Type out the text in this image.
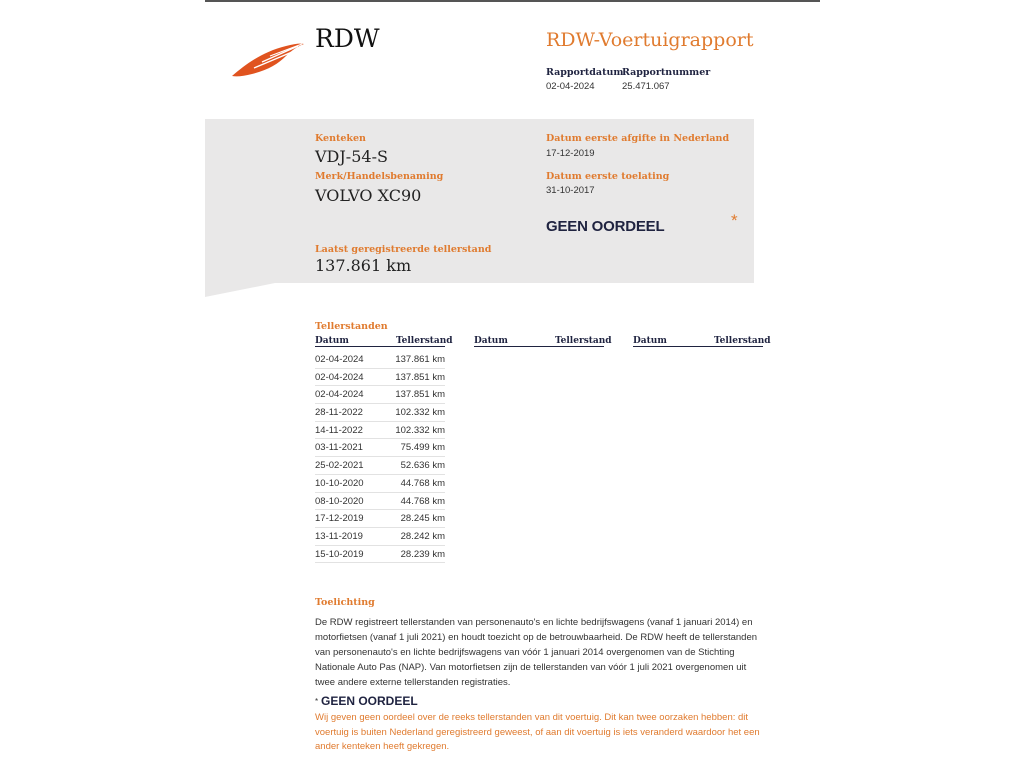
RDW	RDW-Voertuigrapport
Rapportdatum
02-04-2024
Rapportnummer
25.471.067
Kenteken
VDJ-54-S
Merk/Handelsbenaming
VOLVO XC90
Laatst geregistreerde tellerstand
137.861 km
Datum eerste afgifte in Nederland
17-12-2019
Datum eerste toelating
31-10-2017
GEEN OORDEEL	*
Tellerstanden
Datum	Tellerstand Datum	Tellerstand Datum	Tellerstand
02-04-2024	137.861 km
02-04-2024	137.851 km
02-04-2024	137.851 km
28-11-2022	102.332 km
14-11-2022	102.332 km
03-11-2021	75.499 km
25-02-2021	52.636 km
10-10-2020	44.768 km
08-10-2020	44.768 km
17-12-2019	28.245 km
13-11-2019	28.242 km
15-10-2019	28.239 km
Toelichting
De RDW registreert tellerstanden van personenauto's en lichte bedrijfswagens (vanaf 1 januari 2014) en motorfietsen (vanaf 1 juli 2021) en houdt toezicht op de betrouwbaarheid. De RDW heeft de tellerstanden van personenauto's en lichte bedrijfswagens van vóór 1 januari 2014 overgenomen van de Stichting Nationale Auto Pas (NAP). Van motorfietsen zijn de tellerstanden van vóór 1 juli 2021 overgenomen uit twee andere externe tellerstanden registraties.
* GEEN OORDEEL
Wij geven geen oordeel over de reeks tellerstanden van dit voertuig. Dit kan twee oorzaken hebben: dit voertuig is buiten Nederland geregistreerd geweest, of aan dit voertuig is iets veranderd waardoor het een ander kenteken heeft gekregen.
